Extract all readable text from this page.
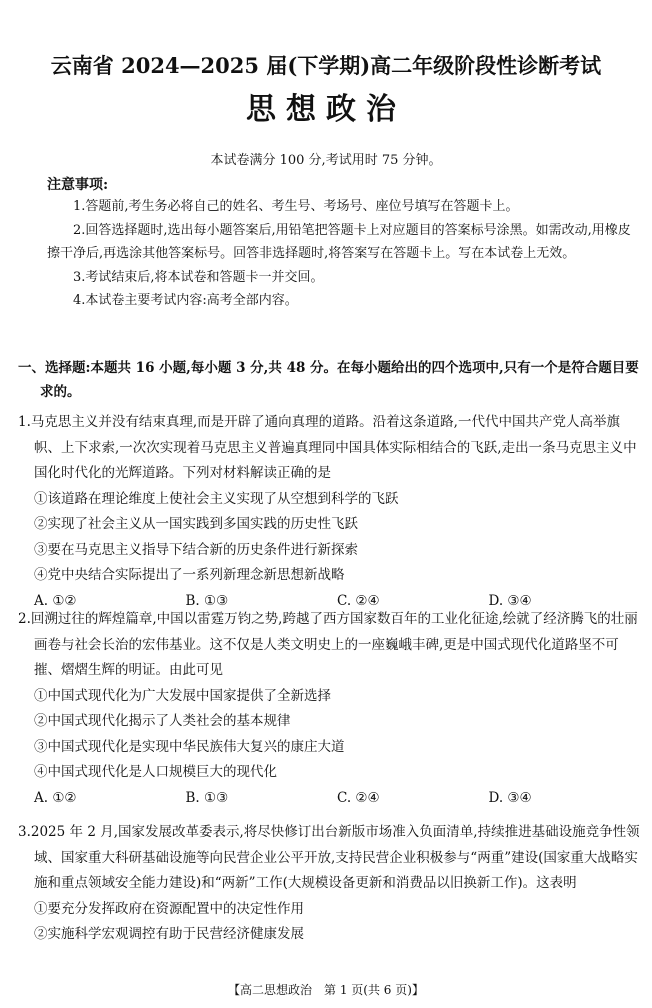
云南省 2024—2025 届(下学期)高二年级阶段性诊断考试
思想政治
本试卷满分 100 分,考试用时 75 分钟。
注意事项:

1.答题前,考生务必将自己的姓名、考生号、考场号、座位号填写在答题卡上。

2.回答选择题时,选出每小题答案后,用铅笔把答题卡上对应题目的答案标号涂黑。如需改动,用橡皮擦干净后,再选涂其他答案标号。回答非选择题时,将答案写在答题卡上。写在本试卷上无效。

3.考试结束后,将本试卷和答题卡一并交回。

4.本试卷主要考试内容:高考全部内容。

一、选择题:本题共 16 小题,每小题 3 分,共 48 分。在每小题给出的四个选项中,只有一个是符合题目要求的。

1.马克思主义并没有结束真理,而是开辟了通向真理的道路。沿着这条道路,一代代中国共产党人高举旗帜、上下求索,一次次实现着马克思主义普遍真理同中国具体实际相结合的飞跃,走出一条马克思主义中国化时代化的光辉道路。下列对材料解读正确的是

①该道路在理论维度上使社会主义实现了从空想到科学的飞跃

②实现了社会主义从一国实践到多国实践的历史性飞跃

③要在马克思主义指导下结合新的历史条件进行新探索

④党中央结合实际提出了一系列新理念新思想新战略

A. ①②	B. ①③	C. ②④	D. ③④

2.回溯过往的辉煌篇章,中国以雷霆万钧之势,跨越了西方国家数百年的工业化征途,绘就了经济腾飞的壮丽画卷与社会长治的宏伟基业。这不仅是人类文明史上的一座巍峨丰碑,更是中国式现代化道路坚不可摧、熠熠生辉的明证。由此可见

①中国式现代化为广大发展中国家提供了全新选择

②中国式现代化揭示了人类社会的基本规律

③中国式现代化是实现中华民族伟大复兴的康庄大道

④中国式现代化是人口规模巨大的现代化

A. ①②	B. ①③	C. ②④	D. ③④

3.2025 年 2 月,国家发展改革委表示,将尽快修订出台新版市场准入负面清单,持续推进基础设施竞争性领域、国家重大科研基础设施等向民营企业公平开放,支持民营企业积极参与“两重”建设(国家重大战略实施和重点领域安全能力建设)和“两新”工作(大规模设备更新和消费品以旧换新工作)。这表明

①要充分发挥政府在资源配置中的决定性作用

②实施科学宏观调控有助于民营经济健康发展

【高二思想政治　第 1 页(共 6 页)】
